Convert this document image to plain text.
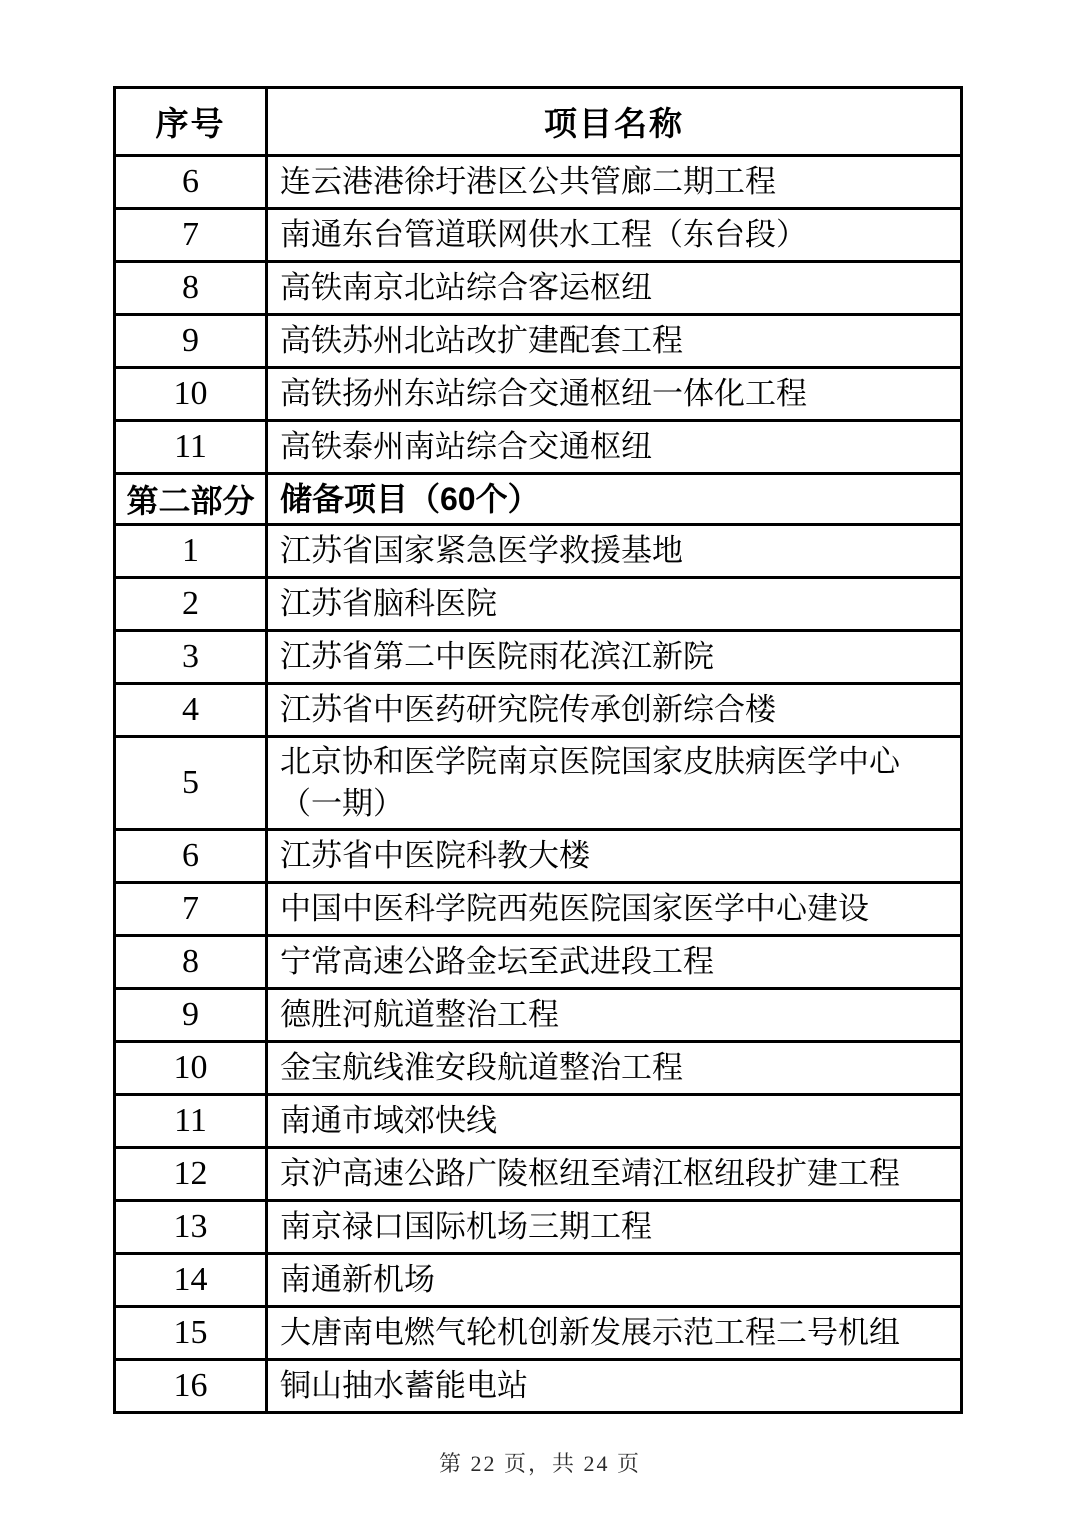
序号	项目名称
6	连云港港徐圩港区公共管廊二期工程
7	南通东台管道联网供水工程（东台段）
8	高铁南京北站综合客运枢纽
9	高铁苏州北站改扩建配套工程
10	高铁扬州东站综合交通枢纽一体化工程
11	高铁泰州南站综合交通枢纽
第二部分	储备项目（60个）
1	江苏省国家紧急医学救援基地
2	江苏省脑科医院
3	江苏省第二中医院雨花滨江新院
4	江苏省中医药研究院传承创新综合楼
5	北京协和医学院南京医院国家皮肤病医学中心（一期）
6	江苏省中医院科教大楼
7	中国中医科学院西苑医院国家医学中心建设
8	宁常高速公路金坛至武进段工程
9	德胜河航道整治工程
10	金宝航线淮安段航道整治工程
11	南通市域郊快线
12	京沪高速公路广陵枢纽至靖江枢纽段扩建工程
13	南京禄口国际机场三期工程
14	南通新机场
15	大唐南电燃气轮机创新发展示范工程二号机组
16	铜山抽水蓄能电站
第 22 页，共 24 页
